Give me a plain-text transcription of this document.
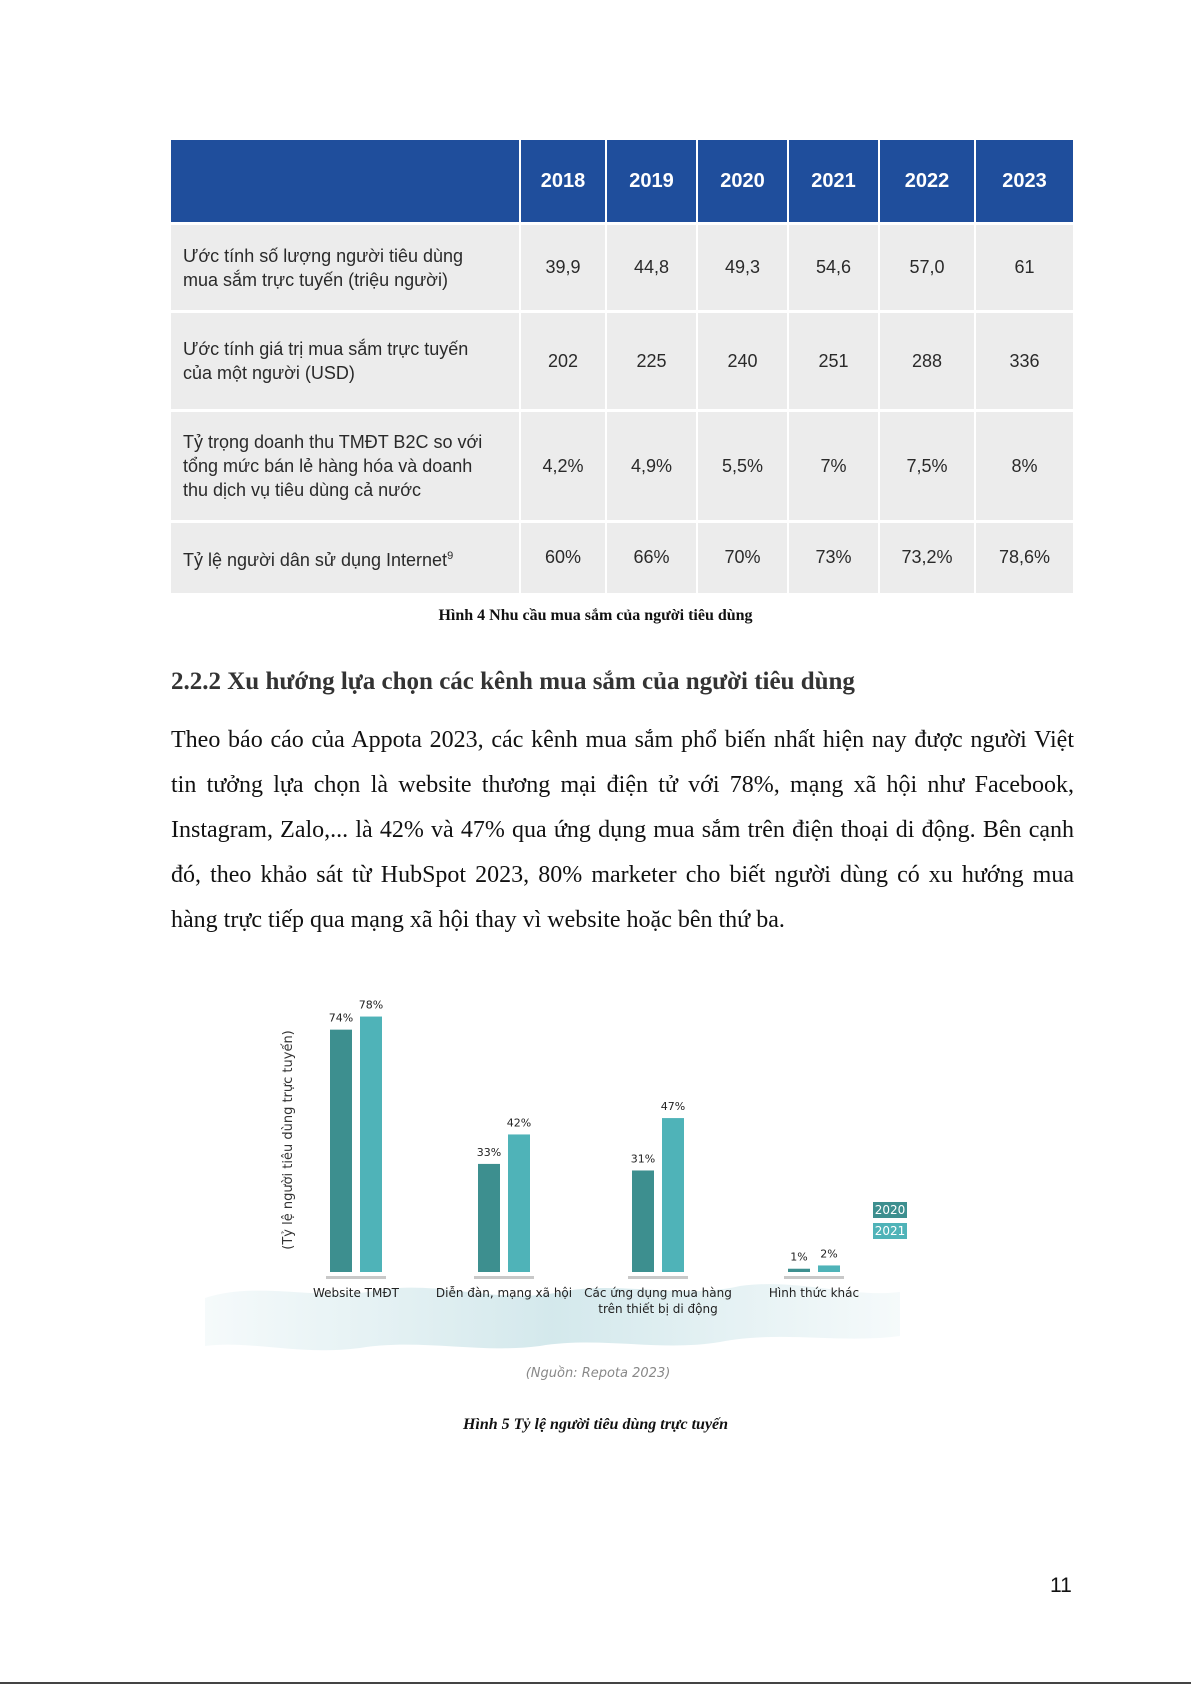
	2018	2019	2020	2021	2022	2023
Ước tính số lượng người tiêu dùng
mua sắm trực tuyến (triệu người)	39,9	44,8	49,3	54,6	57,0	61
Ước tính giá trị mua sắm trực tuyến
của một người (USD)	202	225	240	251	288	336
Tỷ trọng doanh thu TMĐT B2C so với
tổng mức bán lẻ hàng hóa và doanh
thu dịch vụ tiêu dùng cả nước	4,2%	4,9%	5,5%	7%	7,5%	8%
Tỷ lệ người dân sử dụng Internet$^9$	60%	66%	70%	73%	73,2%	78,6%
Hình 4 Nhu cầu mua sắm của người tiêu dùng
2.2.2 Xu hướng lựa chọn các kênh mua sắm của người tiêu dùng
Theo báo cáo của Appota 2023, các kênh mua sắm phổ biến nhất hiện nay được người Việt tin tưởng lựa chọn là website thương mại điện tử với 78%, mạng xã hội như Facebook, Instagram, Zalo,... là 42% và 47% qua ứng dụng mua sắm trên điện thoại di động. Bên cạnh đó, theo khảo sát từ HubSpot 2023, 80% marketer cho biết người dùng có xu hướng mua hàng trực tiếp qua mạng xã hội thay vì website hoặc bên thứ ba.
(Tỷ lệ người tiêu dùng trực tuyến)
74%
78%
Website TMĐT
33%
42%
Diễn đàn, mạng xã hội
31%
47%
Các ứng dụng mua hàng
trên thiết bị di động
1% 2%
Hình thức khác
2020
2021
(Nguồn: Repota 2023)
Hình 5 Tỷ lệ người tiêu dùng trực tuyến
11
